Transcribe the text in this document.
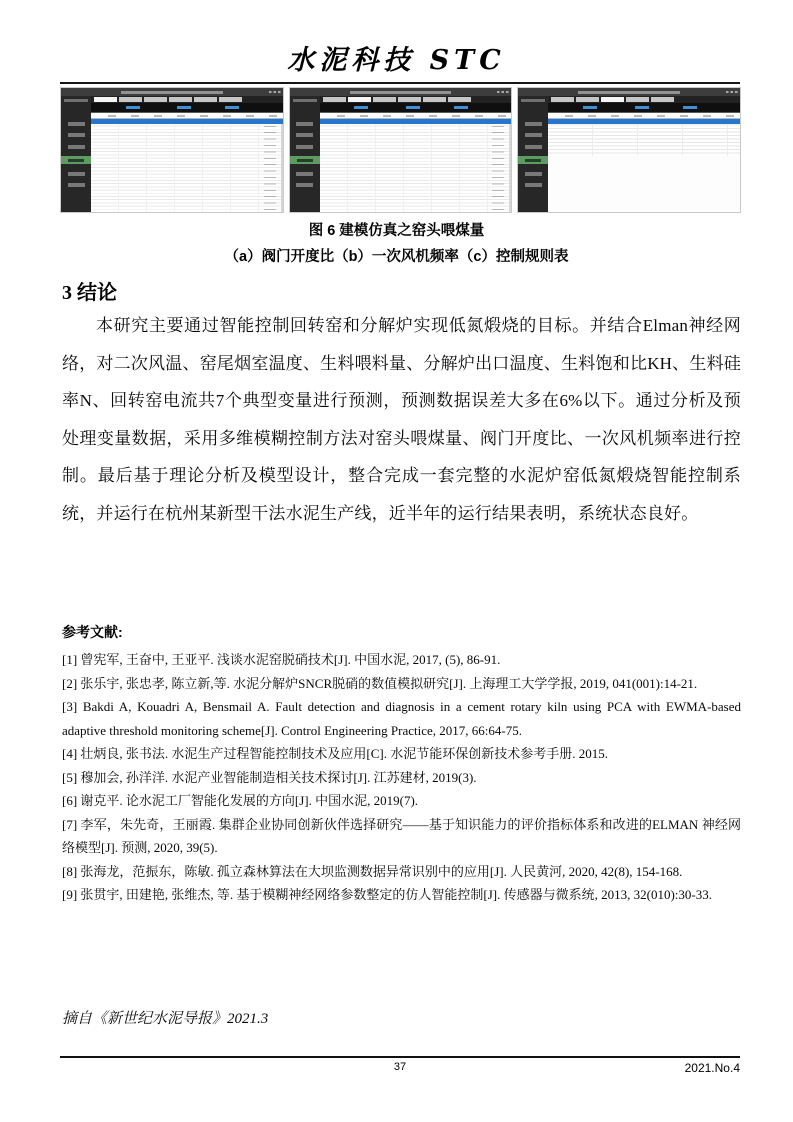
水泥科技 STC
图 6 建模仿真之窑头喂煤量
（a）阀门开度比（b）一次风机频率（c）控制规则表
3 结论

本研究主要通过智能控制回转窑和分解炉实现低氮煅烧的目标。并结合Elman神经网络，对二次风温、窑尾烟室温度、生料喂料量、分解炉出口温度、生料饱和比KH、生料硅率N、回转窑电流共7个典型变量进行预测，预测数据误差大多在6%以下。通过分析及预处理变量数据，采用多维模糊控制方法对窑头喂煤量、阀门开度比、一次风机频率进行控制。最后基于理论分析及模型设计，整合完成一套完整的水泥炉窑低氮煅烧智能控制系统，并运行在杭州某新型干法水泥生产线，近半年的运行结果表明，系统状态良好。

参考文献:

[1] 曾宪军, 王奋中, 王亚平. 浅谈水泥窑脱硝技术[J]. 中国水泥, 2017, (5), 86-91.

[2] 张乐宇, 张忠孝, 陈立新,等. 水泥分解炉SNCR脱硝的数值模拟研究[J]. 上海理工大学学报, 2019, 041(001):14-21.

[3] Bakdi A, Kouadri A, Bensmail A. Fault detection and diagnosis in a cement rotary kiln using PCA with EWMA-based adaptive threshold monitoring scheme[J]. Control Engineering Practice, 2017, 66:64-75.

[4] 壮炳良, 张书法. 水泥生产过程智能控制技术及应用[C]. 水泥节能环保创新技术参考手册. 2015.

[5] 穆加会, 孙洋洋. 水泥产业智能制造相关技术探讨[J]. 江苏建材, 2019(3).

[6] 谢克平. 论水泥工厂智能化发展的方向[J]. 中国水泥, 2019(7).

[7] 李军，朱先奇，王丽霞. 集群企业协同创新伙伴选择研究——基于知识能力的评价指标体系和改进的ELMAN 神经网络模型[J]. 预测, 2020, 39(5).

[8] 张海龙，范振东，陈敏. 孤立森林算法在大坝监测数据异常识别中的应用[J]. 人民黄河, 2020, 42(8), 154-168.

[9] 张贯宇, 田建艳, 张维杰, 等. 基于模糊神经网络参数整定的仿人智能控制[J]. 传感器与微系统, 2013, 32(010):30-33.

摘自《新世纪水泥导报》2021.3
37	2021.No.4
